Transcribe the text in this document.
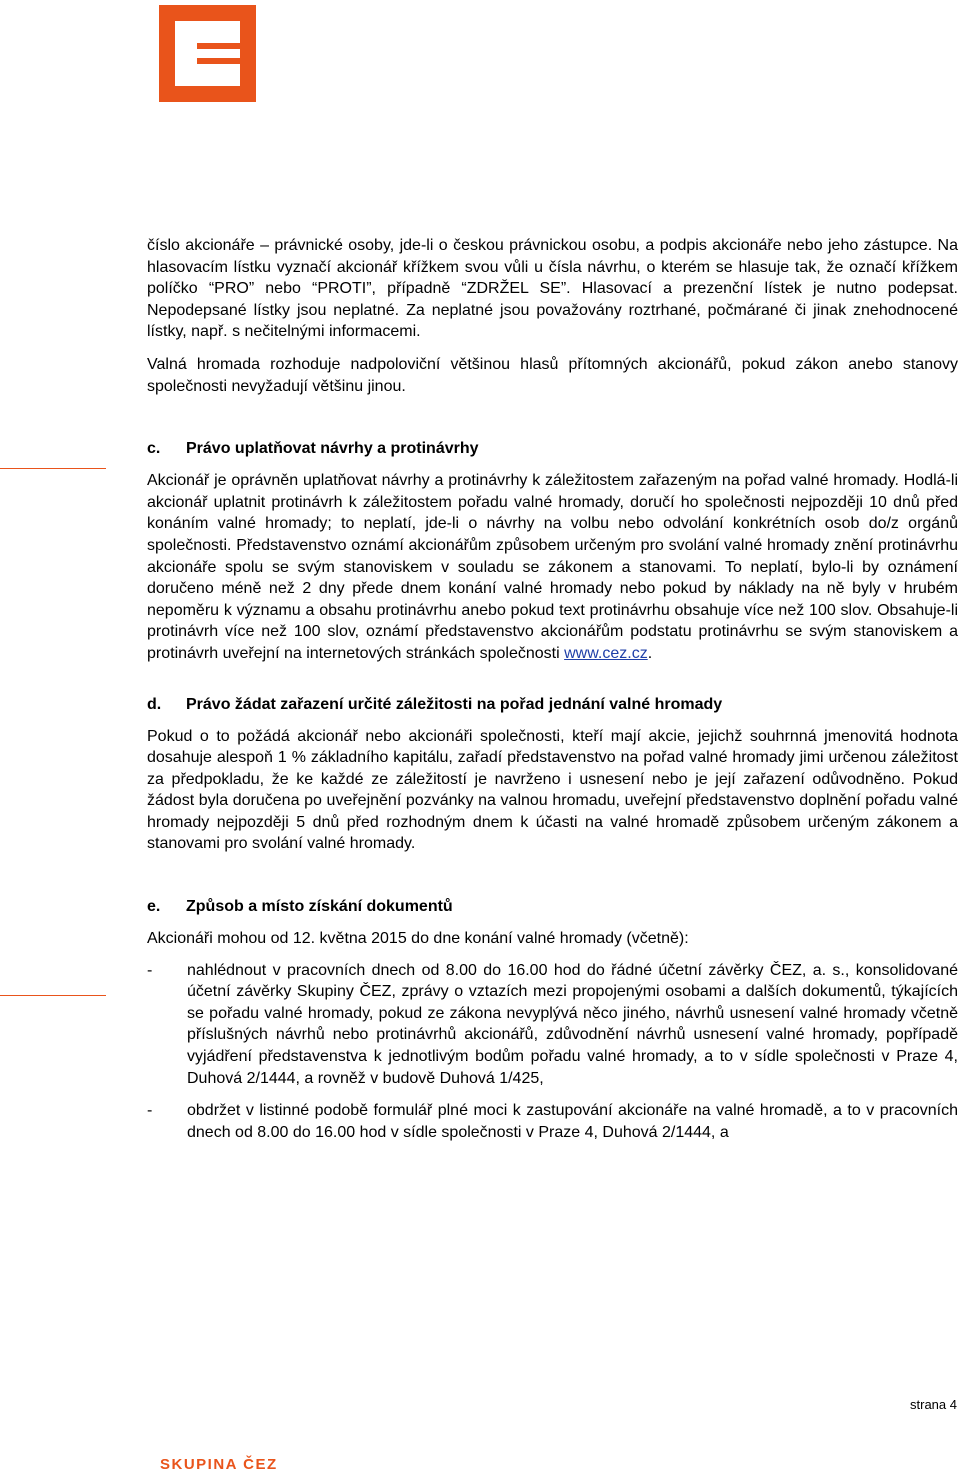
číslo akcionáře – právnické osoby, jde-li o českou právnickou osobu, a podpis akcionáře nebo jeho zástupce. Na hlasovacím lístku vyznačí akcionář křížkem svou vůli u čísla návrhu, o kterém se hlasuje tak, že označí křížkem políčko “PRO” nebo “PROTI”, případně “ZDRŽEL SE”. Hlasovací a prezenční lístek je nutno podepsat. Nepodepsané lístky jsou neplatné. Za neplatné jsou považovány roztrhané, počmárané či jinak znehodnocené lístky, např. s nečitelnými informacemi.

Valná hromada rozhoduje nadpoloviční většinou hlasů přítomných akcionářů, pokud zákon anebo stanovy společnosti nevyžadují většinu jinou.

c.	Právo uplatňovat návrhy a protinávrhy

Akcionář je oprávněn uplatňovat návrhy a protinávrhy k záležitostem zařazeným na pořad valné hromady. Hodlá-li akcionář uplatnit protinávrh k záležitostem pořadu valné hromady, doručí ho společnosti nejpozději 10 dnů před konáním valné hromady; to neplatí, jde-li o návrhy na volbu nebo odvolání konkrétních osob do/z orgánů společnosti. Představenstvo oznámí akcionářům způsobem určeným pro svolání valné hromady znění protinávrhu akcionáře spolu se svým stanoviskem v souladu se zákonem a stanovami. To neplatí, bylo-li by oznámení doručeno méně než 2 dny přede dnem konání valné hromady nebo pokud by náklady na ně byly v hrubém nepoměru k významu a obsahu protinávrhu anebo pokud text protinávrhu obsahuje více než 100 slov. Obsahuje-li protinávrh více než 100 slov, oznámí představenstvo akcionářům podstatu protinávrhu se svým stanoviskem a protinávrh uveřejní na internetových stránkách společnosti www.cez.cz.

d.	Právo žádat zařazení určité záležitosti na pořad jednání valné hromady

Pokud o to požádá akcionář nebo akcionáři společnosti, kteří mají akcie, jejichž souhrnná jmenovitá hodnota dosahuje alespoň 1 % základního kapitálu, zařadí představenstvo na pořad valné hromady jimi určenou záležitost za předpokladu, že ke každé ze záležitostí je navrženo i usnesení nebo je její zařazení odůvodněno. Pokud žádost byla doručena po uveřejnění pozvánky na valnou hromadu, uveřejní představenstvo doplnění pořadu valné hromady nejpozději 5 dnů před rozhodným dnem k účasti na valné hromadě způsobem určeným zákonem a stanovami pro svolání valné hromady.

e.	Způsob a místo získání dokumentů

Akcionáři mohou od 12. května 2015 do dne konání valné hromady (včetně):

-	nahlédnout v pracovních dnech od 8.00 do 16.00 hod do řádné účetní závěrky ČEZ, a. s., konsolidované účetní závěrky Skupiny ČEZ, zprávy o vztazích mezi propojenými osobami a dalších dokumentů, týkajících se pořadu valné hromady, pokud ze zákona nevyplývá něco jiného, návrhů usnesení valné hromady včetně příslušných návrhů nebo protinávrhů akcionářů, zdůvodnění návrhů usnesení valné hromady, popřípadě vyjádření představenstva k jednotlivým bodům pořadu valné hromady, a to v sídle společnosti v Praze 4, Duhová 2/1444, a rovněž v budově Duhová 1/425,

-	obdržet v listinné podobě formulář plné moci k zastupování akcionáře na valné hromadě, a to v pracovních dnech od 8.00 do 16.00 hod v sídle společnosti v Praze 4, Duhová 2/1444, a

strana 4
SKUPINA ČEZ
